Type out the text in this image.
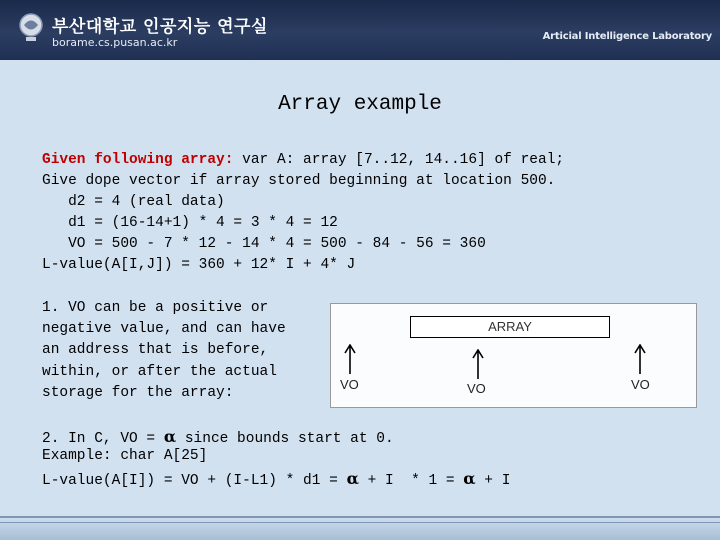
부산대학교 인공지능 연구실
borame.cs.pusan.ac.kr	Articial Intelligence Laboratory
Array example
Given following array: var A: array [7..12, 14..16] of real;
Give dope vector if array stored beginning at location 500.
d2 = 4 (real data)
d1 = (16-14+1) * 4 = 3 * 4 = 12
VO = 500 - 7 * 12 - 14 * 4 = 500 - 84 - 56 = 360
L-value(A[I,J]) = 360 + 12* I + 4* J
1. VO can be a positive or
negative value, and can have
an address that is before,
within, or after the actual
storage for the array:
ARRAY
VO	VO	VO
2. In C, VO = α since bounds start at 0.
Example: char A[25]
L-value(A[I]) = VO + (I-L1) * d1 = α + I  * 1 = α + I
